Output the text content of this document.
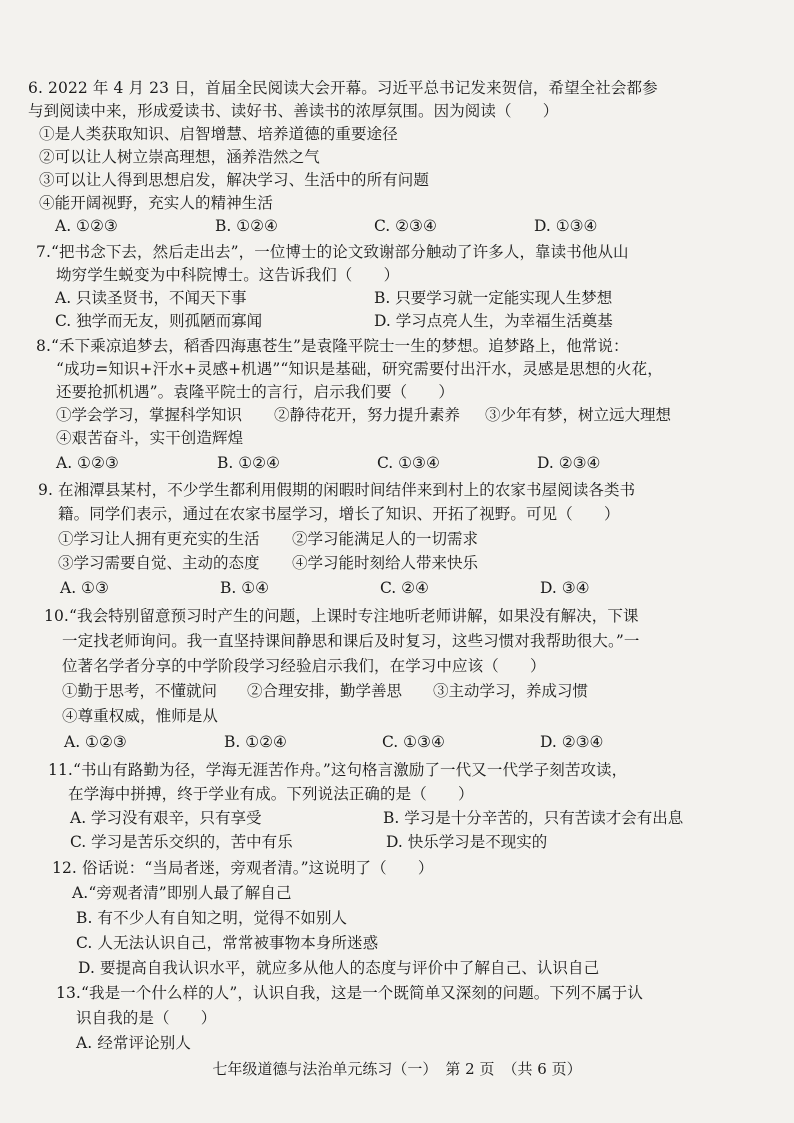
6. 2022 年 4 月 23 日，首届全民阅读大会开幕。习近平总书记发来贺信，希望全社会都参
与到阅读中来，形成爱读书、读好书、善读书的浓厚氛围。因为阅读（　　）
①是人类获取知识、启智增慧、培养道德的重要途径
②可以让人树立崇高理想，涵养浩然之气
③可以让人得到思想启发，解决学习、生活中的所有问题
④能开阔视野，充实人的精神生活
A. ①②③	B. ①②④	C. ②③④	D. ①③④
7.“把书念下去，然后走出去”，一位博士的论文致谢部分触动了许多人，靠读书他从山
坳穷学生蜕变为中科院博士。这告诉我们（　　）
A. 只读圣贤书，不闻天下事	B. 只要学习就一定能实现人生梦想
C. 独学而无友，则孤陋而寡闻	D. 学习点亮人生，为幸福生活奠基
8.“禾下乘凉追梦去，稻香四海惠苍生”是袁隆平院士一生的梦想。追梦路上，他常说：
“成功=知识+汗水+灵感+机遇”“知识是基础，研究需要付出汗水，灵感是思想的火花，
还要抢抓机遇”。袁隆平院士的言行，启示我们要（　　）
①学会学习，掌握科学知识 ②静待花开，努力提升素养 ③少年有梦，树立远大理想
④艰苦奋斗，实干创造辉煌
A. ①②③	B. ①②④	C. ①③④	D. ②③④
9. 在湘潭县某村，不少学生都利用假期的闲暇时间结伴来到村上的农家书屋阅读各类书
籍。同学们表示，通过在农家书屋学习，增长了知识、开拓了视野。可见（　　）
①学习让人拥有更充实的生活 ②学习能满足人的一切需求
③学习需要自觉、主动的态度 ④学习能时刻给人带来快乐
A. ①③	B. ①④	C. ②④	D. ③④
10.“我会特别留意预习时产生的问题，上课时专注地听老师讲解，如果没有解决，下课
一定找老师询问。我一直坚持课间静思和课后及时复习，这些习惯对我帮助很大。”一
位著名学者分享的中学阶段学习经验启示我们，在学习中应该（　　）
①勤于思考，不懂就问 ②合理安排，勤学善思 ③主动学习，养成习惯
④尊重权威，惟师是从
A. ①②③	B. ①②④	C. ①③④	D. ②③④
11.“书山有路勤为径，学海无涯苦作舟。”这句格言激励了一代又一代学子刻苦攻读，
在学海中拼搏，终于学业有成。下列说法正确的是（　　）
A. 学习没有艰辛，只有享受	B. 学习是十分辛苦的，只有苦读才会有出息
C. 学习是苦乐交织的，苦中有乐	D. 快乐学习是不现实的
12. 俗话说：“当局者迷，旁观者清。”这说明了（　　）
A.“旁观者清”即别人最了解自己
B. 有不少人有自知之明，觉得不如别人
C. 人无法认识自己，常常被事物本身所迷惑
D. 要提高自我认识水平，就应多从他人的态度与评价中了解自己、认识自己
13.“我是一个什么样的人”，认识自我，这是一个既简单又深刻的问题。下列不属于认
识自我的是（　　）
A. 经常评论别人
七年级道德与法治单元练习（一） 第 2 页 （共 6 页）
